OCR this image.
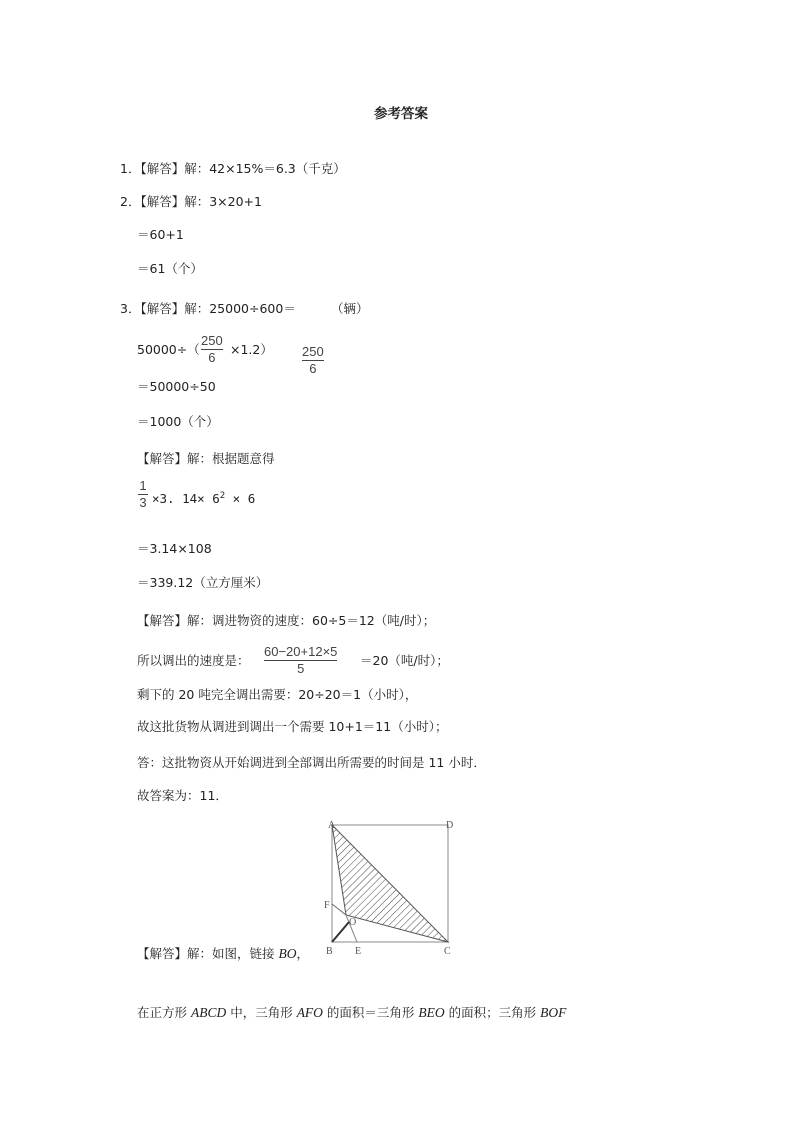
参考答案
1．【解答】解：42×15%＝6.3（千克）
2．【解答】解：3×20+1
＝60+1
＝61（个）
3．【解答】解：25000÷600＝	（辆）
50000÷（
250
6
×1.2） 250
6
＝50000÷50
＝1000（个）
【解答】解：根据题意得
1
3 ×3. $14\times 6^2 \times 6$
＝3.14×108
＝339.12（立方厘米）
【解答】解：调进物资的速度：60÷5＝12（吨/时）；
所以调出的速度是：
60−20+12×5
5
＝20（吨/时）；
剩下的 20 吨完全调出需要：20÷20＝1（小时），
故这批货物从调进到调出一个需要 10+1＝11（小时）；
答：这批物资从开始调进到全部调出所需要的时间是 11 小时．
故答案为：11．
A	D
F
O
B E	C
【解答】解：如图，链接 BO，
在正方形 ABCD 中，三角形 AFO 的面积＝三角形 BEO 的面积；三角形 BOF
